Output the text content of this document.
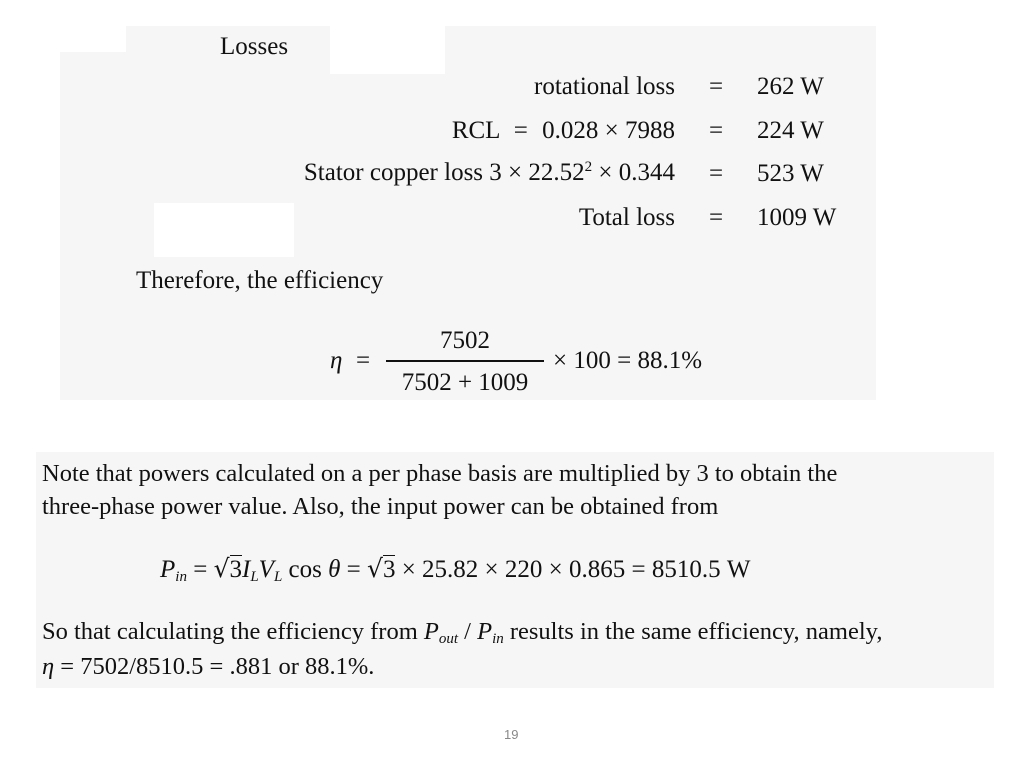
Losses
rotational loss	=	262 W
RCL = 0.028 × 7988	=	224 W
Stator copper loss $3 \times 22.52^2 \times 0.344$	=	523 W
Total loss	=	1009 W
Therefore, the efficiency
η =
7502
7502 + 1009
× 100 = 88.1%
Note that powers calculated on a per phase basis are multiplied by 3 to obtain the
three-phase power value. Also, the input power can be obtained from
$P_{in} = √3I_LV_L$ cos θ = √3 × 25.82 × 220 × 0.865 = 8510.5 W
So that calculating the efficiency from $P_{out} / P_{in}$ results in the same efficiency, namely,
η = 7502/8510.5 = .881 or 88.1%.
19
